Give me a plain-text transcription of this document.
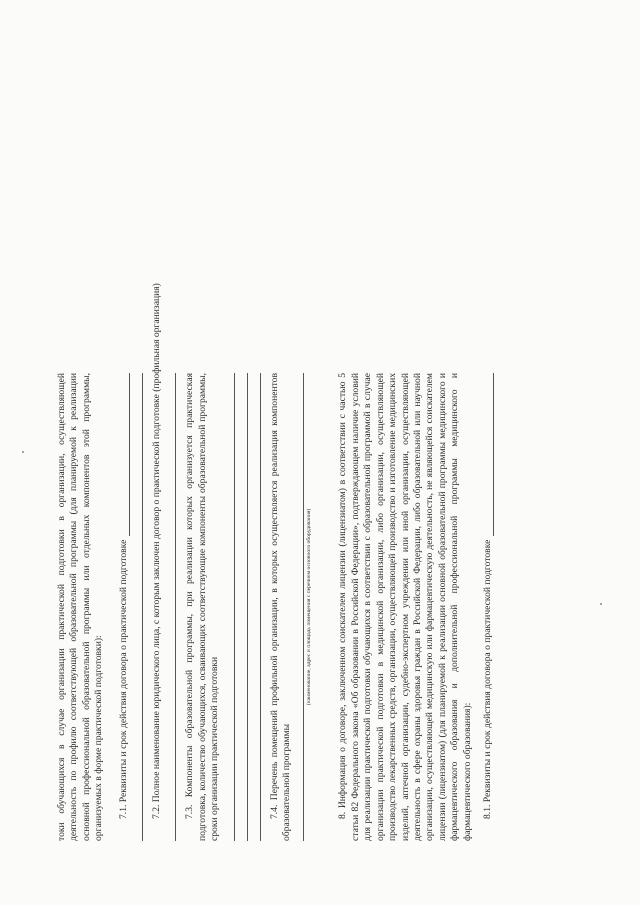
токи обучающихся в случае организации практической подготовки в организации, осуществляющей деятельность по профилю соответствующей образовательной программы (для планируемой к реализации основной профессиональной образовательной программы или отдельных компонентов этой программы, организуемых в форме практической подготовки): 7.1. Реквизиты и срок действия договора о практической подготовке 7.2. Полное наименование юридического лица, с которым заключен договор о практической подготовке (профильная организация) 7.3. Компоненты образовательной программы, при реализации которых организуется практическая подготовка, количество обучающихся, осваивающих соответствующие компоненты образовательной программы, сроки организации практической подготовки	7.4. Перечень помещений профильной организации, в которых осуществляется реализация компонентов образовательной программы

(наименование, адрес и площадь помещения с перечнем основного оборудования)	8. Информация о договоре, заключенном соискателем лицензии (лицензиатом) в соответствии с частью 5 статьи 82 Федерального закона «Об образовании в Российской Федерации», подтверждающем наличие условий для реализации практической подготовки обучающихся в соответствии с образовательной программой в случае организации практической подготовки в медицинской организации, либо организации, осуществляющей производство лекарственных средств, организации, осуществляющей производство и изготовление медицинских изделий, аптечной организации, судебно-экспертном учреждении или иной организации, осуществляющей деятельность в сфере охраны здоровья граждан в Российской Федерации, либо образовательной или научной организации, осуществляющей медицинскую или фармацевтическую деятельность, не являющейся соискателем лицензии (лицензиатом) (для планируемой к реализации основной образовательной программы медицинского и фармацевтического образования и дополнительной профессиональной программы медицинского и фармацевтического образования): 8.1. Реквизиты и срок действия договора о практической подготовке
